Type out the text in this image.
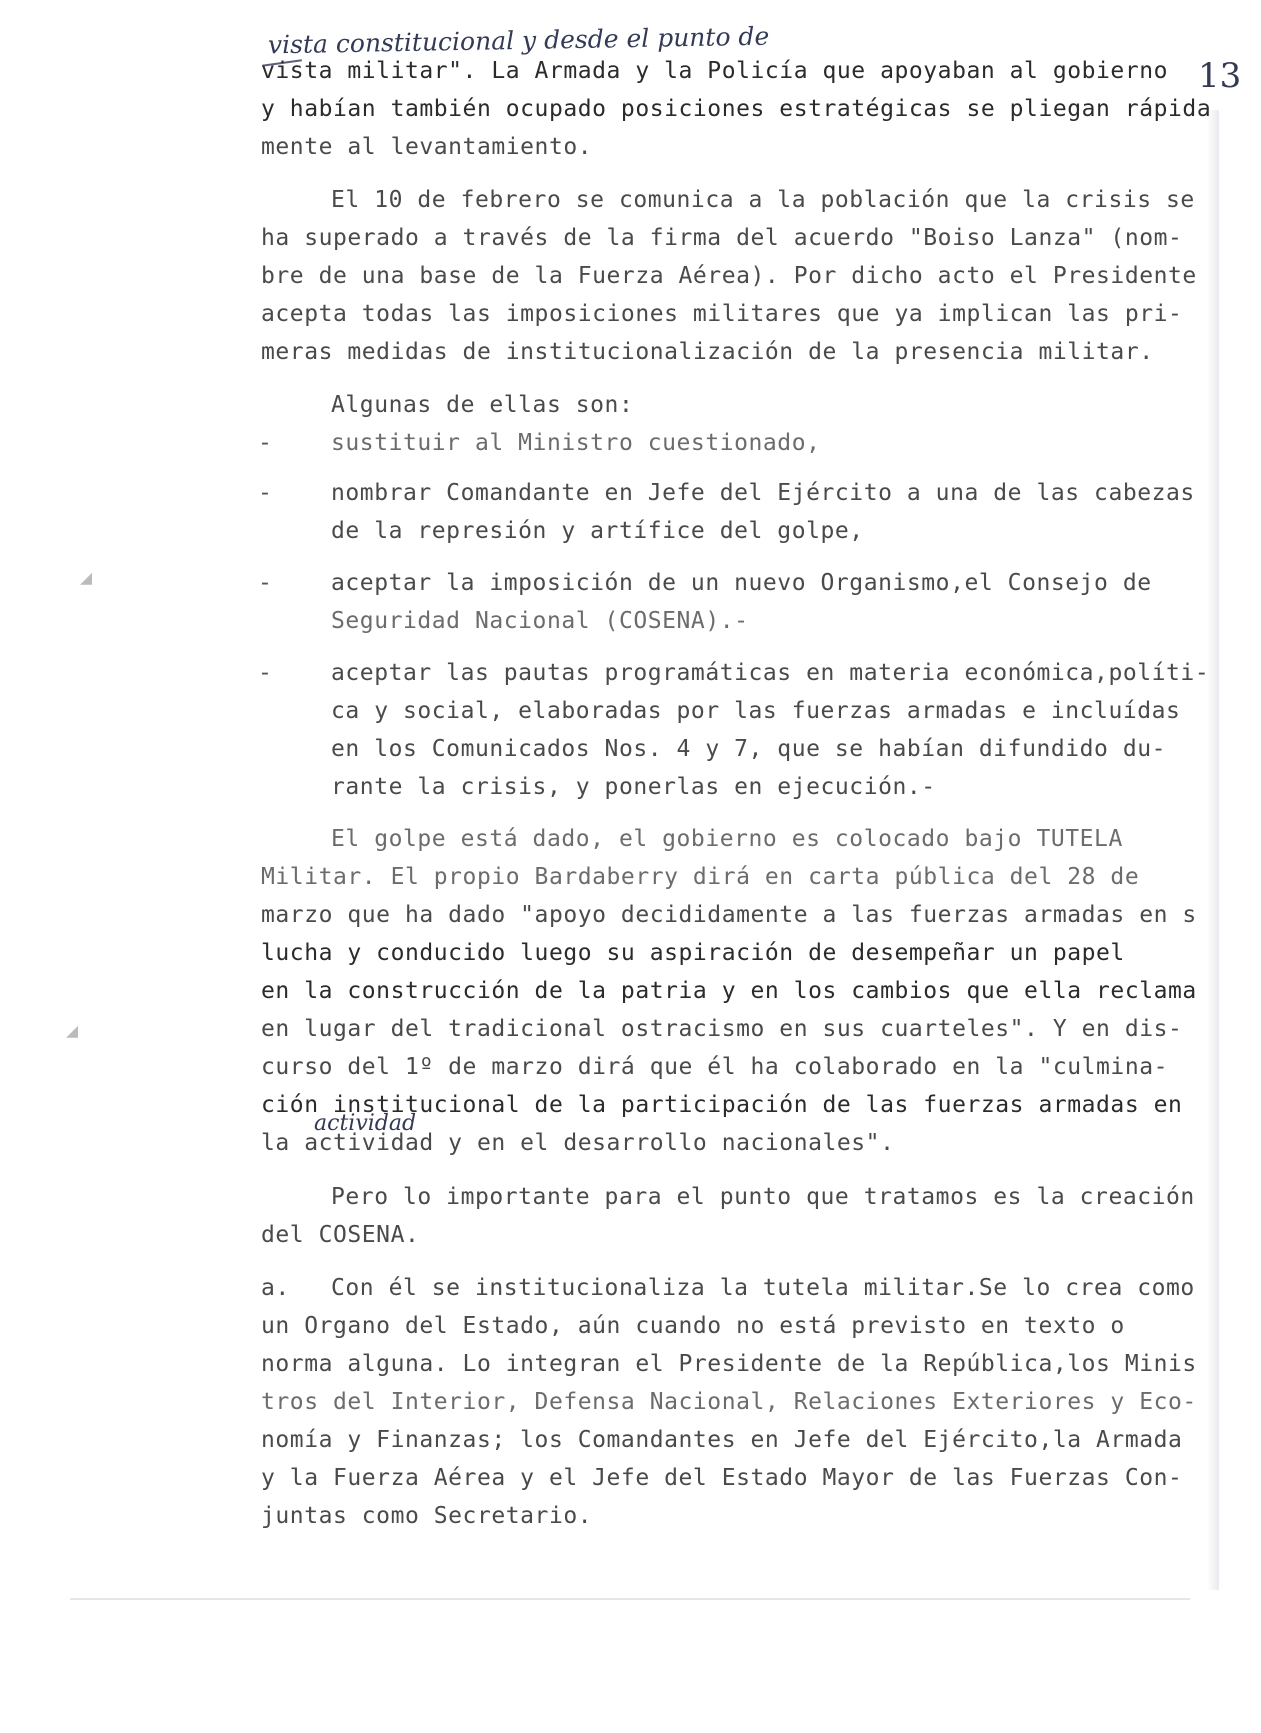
◢
◢
vista constitucional y desde el punto de
13
actividad
vista militar". La Armada y la Policía que apoyaban al gobierno
y habían también ocupado posiciones estratégicas se pliegan rápida
mente al levantamiento.
El 10 de febrero se comunica a la población que la crisis se
ha superado a través de la firma del acuerdo "Boiso Lanza" (nom-
bre de una base de la Fuerza Aérea). Por dicho acto el Presidente
acepta todas las imposiciones militares que ya implican las pri-
meras medidas de institucionalización de la presencia militar.
Algunas de ellas son:
-	sustituir al Ministro cuestionado,
-	nombrar Comandante en Jefe del Ejército a una de las cabezas
de la represión y artífice del golpe,
-	aceptar la imposición de un nuevo Organismo,el Consejo de
Seguridad Nacional (COSENA).-
-	aceptar las pautas programáticas en materia económica,políti-
ca y social, elaboradas por las fuerzas armadas e incluídas
en los Comunicados Nos. 4 y 7, que se habían difundido du-
rante la crisis, y ponerlas en ejecución.-
El golpe está dado, el gobierno es colocado bajo TUTELA
Militar. El propio Bardaberry dirá en carta pública del 28 de
marzo que ha dado "apoyo decididamente a las fuerzas armadas en s
lucha y conducido luego su aspiración de desempeñar un papel
en la construcción de la patria y en los cambios que ella reclama
en lugar del tradicional ostracismo en sus cuarteles". Y en dis-
curso del 1º de marzo dirá que él ha colaborado en la "culmina-
ción institucional de la participación de las fuerzas armadas en
la actividad y en el desarrollo nacionales".
Pero lo importante para el punto que tratamos es la creación
del COSENA.
a. Con él se institucionaliza la tutela militar.Se lo crea como
un Organo del Estado, aún cuando no está previsto en texto o
norma alguna. Lo integran el Presidente de la República,los Minis
tros del Interior, Defensa Nacional, Relaciones Exteriores y Eco-
nomía y Finanzas; los Comandantes en Jefe del Ejército,la Armada
y la Fuerza Aérea y el Jefe del Estado Mayor de las Fuerzas Con-
juntas como Secretario.
